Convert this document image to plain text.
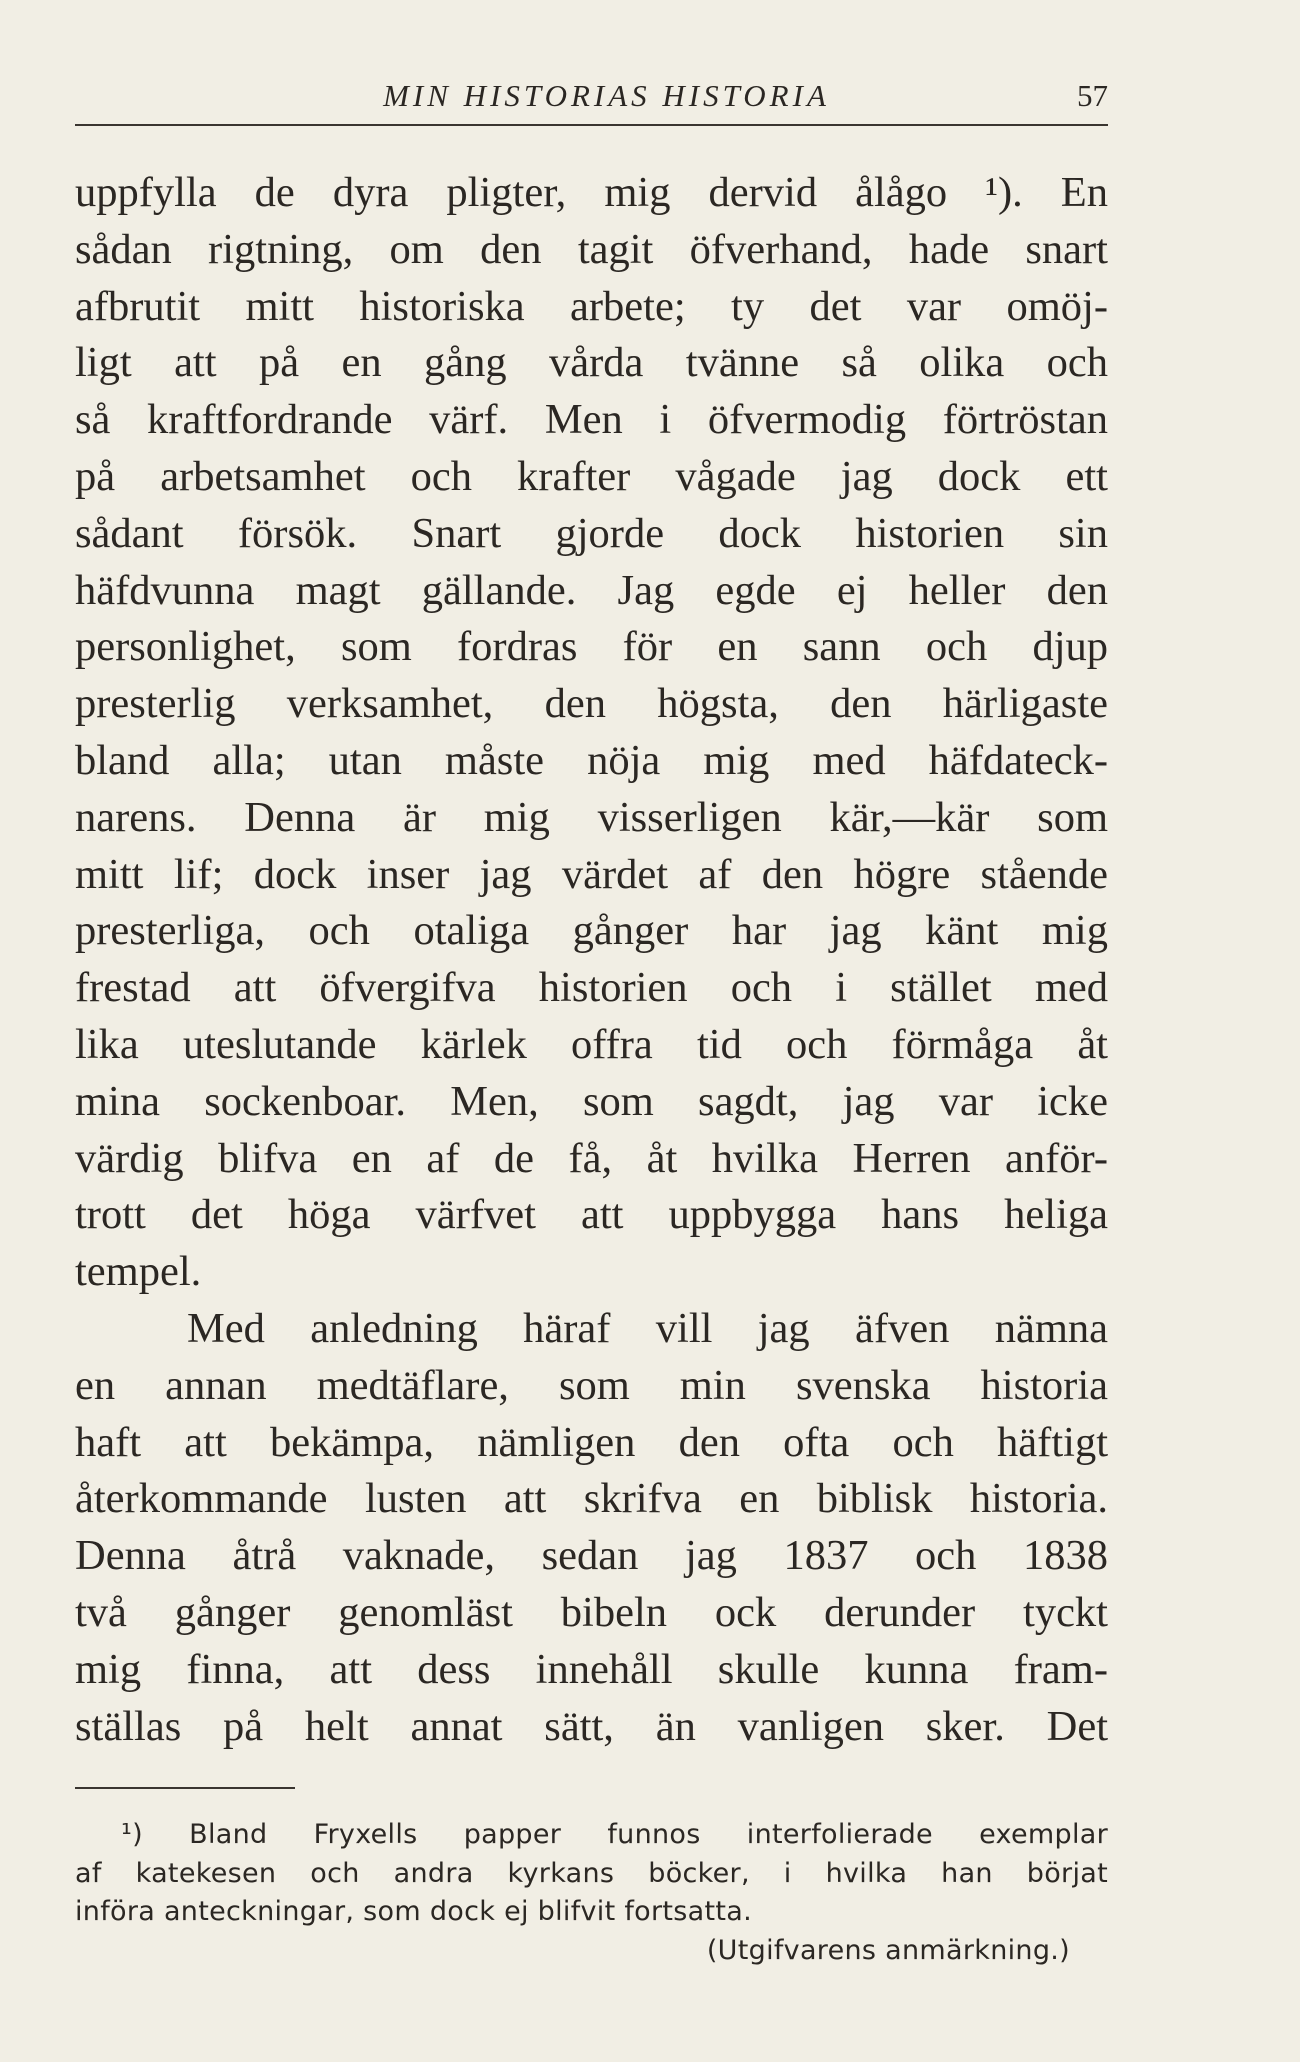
MIN HISTORIAS HISTORIA	57
uppfylla de dyra pligter, mig dervid ålågo ¹). En
sådan rigtning, om den tagit öfverhand, hade snart
afbrutit mitt historiska arbete; ty det var omöj-
ligt att på en gång vårda tvänne så olika och
så kraftfordrande värf. Men i öfvermodig förtröstan
på arbetsamhet och krafter vågade jag dock ett
sådant försök. Snart gjorde dock historien sin
häfdvunna magt gällande. Jag egde ej heller den
personlighet, som fordras för en sann och djup
presterlig verksamhet, den högsta, den härligaste
bland alla; utan måste nöja mig med häfdateck-
narens. Denna är mig visserligen kär,—kär som
mitt lif; dock inser jag värdet af den högre stående
presterliga, och otaliga gånger har jag känt mig
frestad att öfvergifva historien och i stället med
lika uteslutande kärlek offra tid och förmåga åt
mina sockenboar. Men, som sagdt, jag var icke
värdig blifva en af de få, åt hvilka Herren anför-
trott det höga värfvet att uppbygga hans heliga
tempel.
Med anledning häraf vill jag äfven nämna
en annan medtäflare, som min svenska historia
haft att bekämpa, nämligen den ofta och häftigt
återkommande lusten att skrifva en biblisk historia.
Denna åtrå vaknade, sedan jag 1837 och 1838
två gånger genomläst bibeln ock derunder tyckt
mig finna, att dess innehåll skulle kunna fram-
ställas på helt annat sätt, än vanligen sker. Det
¹) Bland Fryxells papper funnos interfolierade exemplar
af katekesen och andra kyrkans böcker, i hvilka han börjat
införa anteckningar, som dock ej blifvit fortsatta.
(Utgifvarens anmärkning.)
